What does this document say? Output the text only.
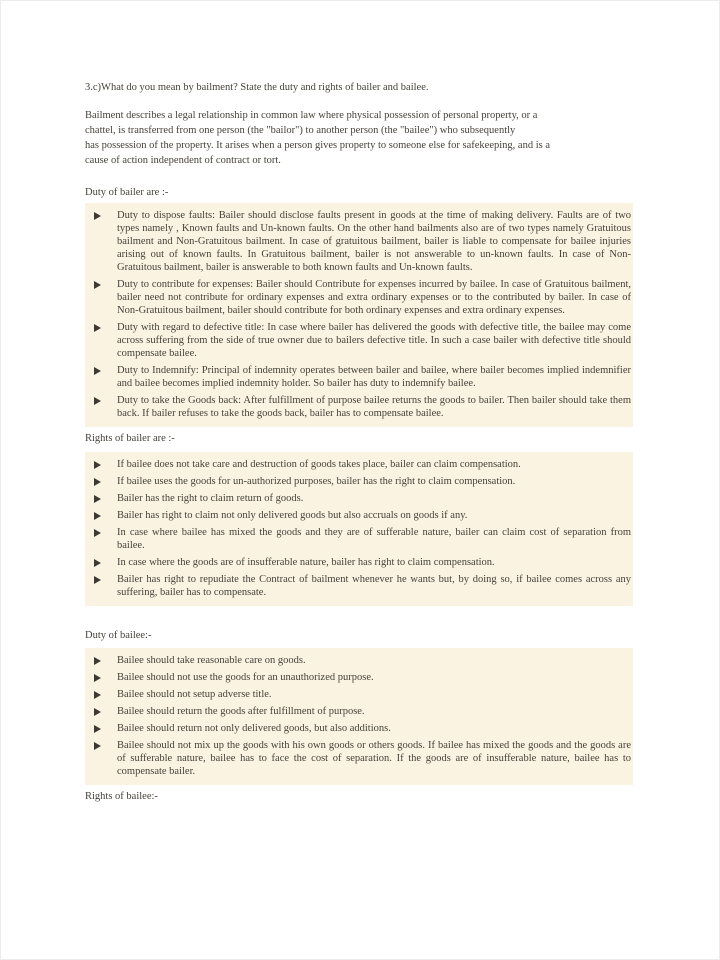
3.c)What do you mean by bailment? State the duty and rights of bailer and bailee.

Bailment describes a legal relationship in common law where physical possession of personal property, or a
chattel, is transferred from one person (the "bailor") to another person (the "bailee") who subsequently
has possession of the property. It arises when a person gives property to someone else for safekeeping, and is a
cause of action independent of contract or tort.

Duty of bailer are :-

Duty to dispose faults: Bailer should disclose faults present in goods at the time of making delivery. Faults are of two types namely , Known faults and Un-known faults. On the other hand bailments also are of two types namely Gratuitous bailment and Non-Gratuitous bailment. In case of gratuitous bailment, bailer is liable to compensate for bailee injuries arising out of known faults. In Gratuitous bailment, bailer is not answerable to un-known faults. In case of Non-Gratuitous bailment, bailer is answerable to both known faults and Un-known faults.
Duty to contribute for expenses: Bailer should Contribute for expenses incurred by bailee. In case of Gratuitous bailment, bailer need not contribute for ordinary expenses and extra ordinary expenses or to the contributed by bailer. In case of Non-Gratuitous bailment, bailer should contribute for both ordinary expenses and extra ordinary expenses.
Duty with regard to defective title: In case where bailer has delivered the goods with defective title, the bailee may come across suffering from the side of true owner due to bailers defective title. In such a case bailer with defective title should compensate bailee.
Duty to Indemnify: Principal of indemnity operates between bailer and bailee, where bailer becomes implied indemnifier and bailee becomes implied indemnity holder. So bailer has duty to indemnify bailee.
Duty to take the Goods back: After fulfillment of purpose bailee returns the goods to bailer. Then bailer should take them back. If bailer refuses to take the goods back, bailer has to compensate bailee.

Rights of bailer are :-

If bailee does not take care and destruction of goods takes place, bailer can claim compensation.
If bailee uses the goods for un-authorized purposes, bailer has the right to claim compensation.
Bailer has the right to claim return of goods.
Bailer has right to claim not only delivered goods but also accruals on goods if any.
In case where bailee has mixed the goods and they are of sufferable nature, bailer can claim cost of separation from bailee.
In case where the goods are of insufferable nature, bailer has right to claim compensation.
Bailer has right to repudiate the Contract of bailment whenever he wants but, by doing so, if bailee comes across any suffering, bailer has to compensate.

Duty of bailee:-

Bailee should take reasonable care on goods.
Bailee should not use the goods for an unauthorized purpose.
Bailee should not setup adverse title.
Bailee should return the goods after fulfillment of purpose.
Bailee should return not only delivered goods, but also additions.
Bailee should not mix up the goods with his own goods or others goods. If bailee has mixed the goods and the goods are of sufferable nature, bailee has to face the cost of separation. If the goods are of insufferable nature, bailee has to compensate bailer.

Rights of bailee:-
